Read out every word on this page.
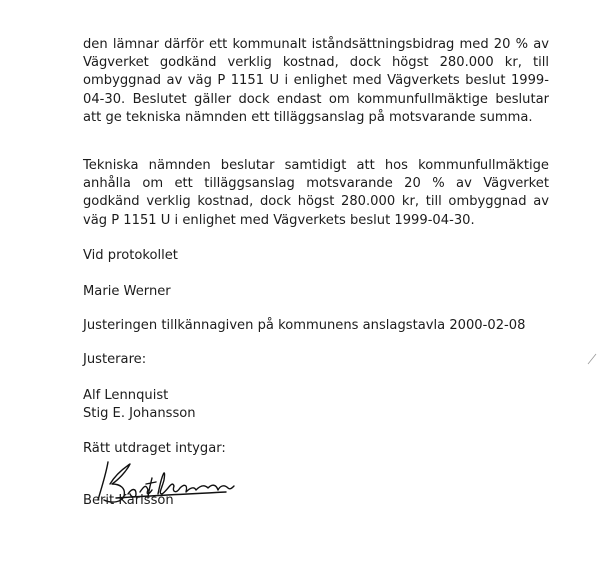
den lämnar därför ett kommunalt iståndsättningsbidrag med 20 % av Vägverket godkänd verklig kostnad, dock högst 280.000 kr, till ombyggnad av väg P 1151 U i enlighet med Vägverkets beslut 1999-04-30. Beslutet gäller dock endast om kommunfullmäktige beslutar att ge tekniska nämnden ett tilläggsanslag på motsvarande summa.

Tekniska nämnden beslutar samtidigt att hos kommunfullmäktige anhålla om ett tilläggsanslag motsvarande 20 % av Vägverket godkänd verklig kostnad, dock högst 280.000 kr, till ombyggnad av väg P 1151 U i enlighet med Vägverkets beslut 1999-04-30.

Vid protokollet

Marie Werner

Justeringen tillkännagiven på kommunens anslagstavla 2000-02-08

Justerare:

Alf Lennquist

Stig E. Johansson

Rätt utdraget intygar:

Berit Karlsson
